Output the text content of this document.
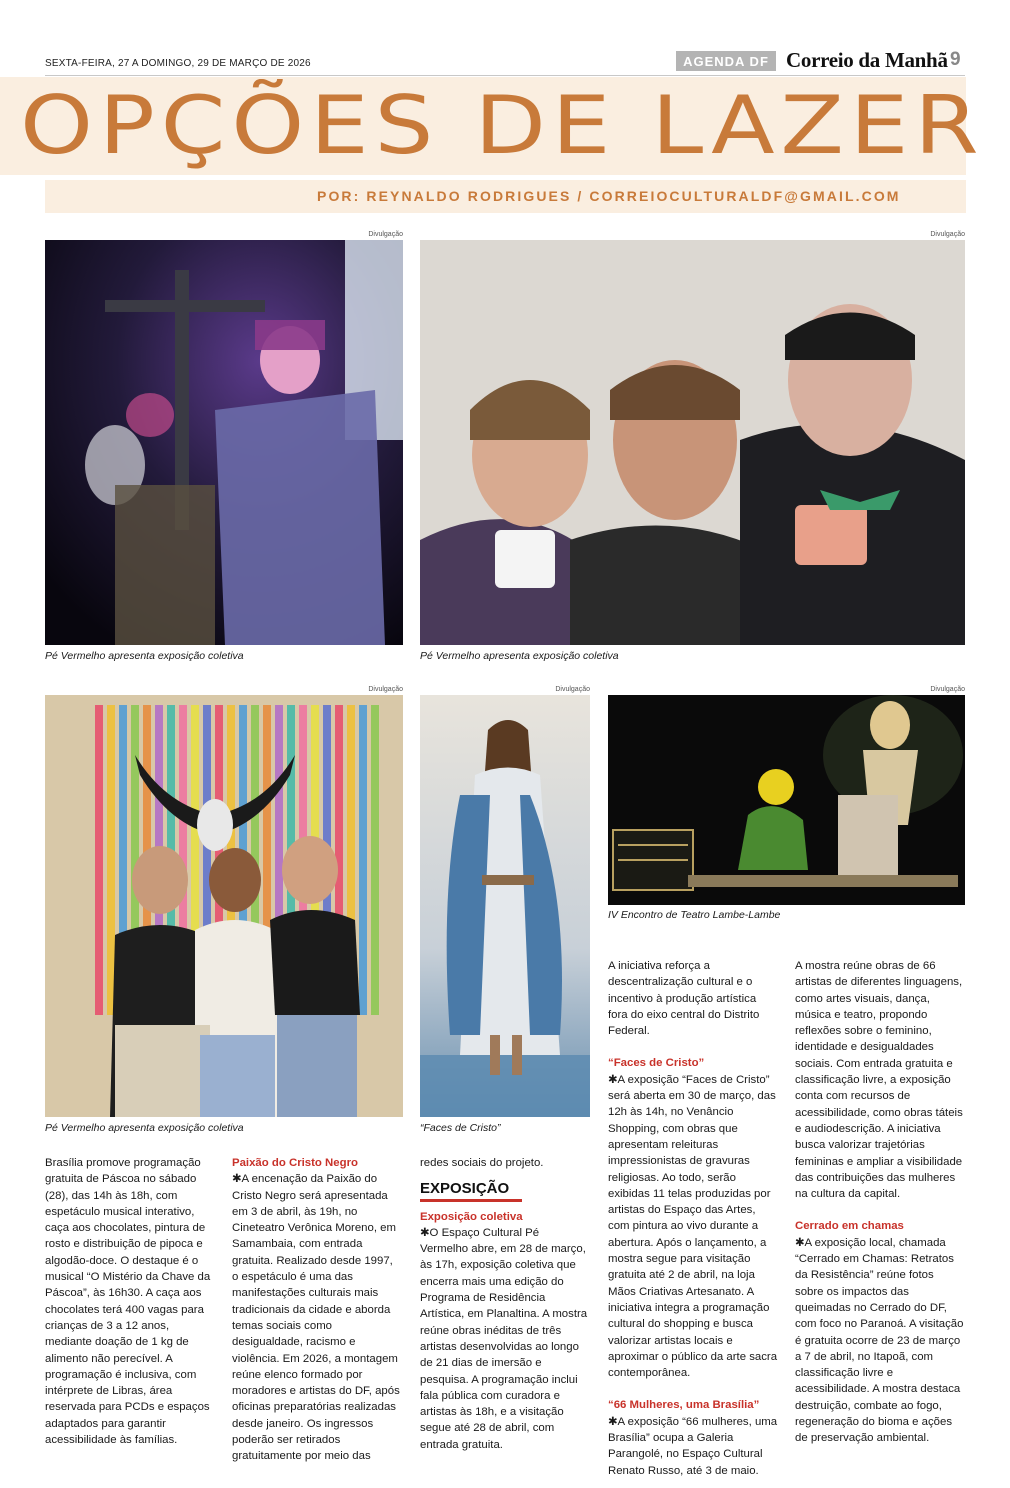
SEXTA-FEIRA, 27 A DOMINGO, 29 DE MARÇO DE 2026	AGENDA DF Correio da Manhã 9
OPÇÕES DE LAZER
POR: REYNALDO RODRIGUES / CORREIOCULTURALDF@GMAIL.COM
Divulgação
Pé Vermelho apresenta exposição coletiva
Divulgação
Pé Vermelho apresenta exposição coletiva
Divulgação
Pé Vermelho apresenta exposição coletiva
Divulgação
“Faces de Cristo”
Divulgação
IV Encontro de Teatro Lambe-Lambe

Brasília promove programação gratuita de Páscoa no sábado (28), das 14h às 18h, com espetáculo musical interativo, caça aos chocolates, pintura de rosto e distribuição de pipoca e algodão-doce. O destaque é o musical “O Mistério da Chave da Páscoa”, às 16h30. A caça aos chocolates terá 400 vagas para crianças de 3 a 12 anos, mediante doação de 1 kg de alimento não perecível. A programação é inclusiva, com intérprete de Libras, área reservada para PCDs e espaços adaptados para garantir acessibilidade às famílias.

Paixão do Cristo Negro

✱A encenação da Paixão do Cristo Negro será apresentada em 3 de abril, às 19h, no Cineteatro Verônica Moreno, em Samambaia, com entrada gratuita. Realizado desde 1997, o espetáculo é uma das manifestações culturais mais tradicionais da cidade e aborda temas sociais como desigualdade, racismo e violência. Em 2026, a montagem reúne elenco formado por moradores e artistas do DF, após oficinas preparatórias realizadas desde janeiro. Os ingressos poderão ser retirados gratuitamente por meio das

redes sociais do projeto.

EXPOSIÇÃO
Exposição coletiva

✱O Espaço Cultural Pé Vermelho abre, em 28 de março, às 17h, exposição coletiva que encerra mais uma edição do Programa de Residência Artística, em Planaltina. A mostra reúne obras inéditas de três artistas desenvolvidas ao longo de 21 dias de imersão e pesquisa. A programação inclui fala pública com curadora e artistas às 18h, e a visitação segue até 28 de abril, com entrada gratuita.

A iniciativa reforça a descentralização cultural e o incentivo à produção artística fora do eixo central do Distrito Federal.

“Faces de Cristo”

✱A exposição “Faces de Cristo” será aberta em 30 de março, das 12h às 14h, no Venâncio Shopping, com obras que apresentam releituras impressionistas de gravuras religiosas. Ao todo, serão exibidas 11 telas produzidas por artistas do Espaço das Artes, com pintura ao vivo durante a abertura. Após o lançamento, a mostra segue para visitação gratuita até 2 de abril, na loja Mãos Criativas Artesanato. A iniciativa integra a programação cultural do shopping e busca valorizar artistas locais e aproximar o público da arte sacra contemporânea.

“66 Mulheres, uma Brasília”

✱A exposição “66 mulheres, uma Brasília” ocupa a Galeria Parangolé, no Espaço Cultural Renato Russo, até 3 de maio.

A mostra reúne obras de 66 artistas de diferentes linguagens, como artes visuais, dança, música e teatro, propondo reflexões sobre o feminino, identidade e desigualdades sociais. Com entrada gratuita e classificação livre, a exposição conta com recursos de acessibilidade, como obras táteis e audiodescrição. A iniciativa busca valorizar trajetórias femininas e ampliar a visibilidade das contribuições das mulheres na cultura da capital.

Cerrado em chamas

✱A exposição local, chamada “Cerrado em Chamas: Retratos da Resistência” reúne fotos sobre os impactos das queimadas no Cerrado do DF, com foco no Paranoá. A visitação é gratuita ocorre de 23 de março a 7 de abril, no Itapoã, com classificação livre e acessibilidade. A mostra destaca destruição, combate ao fogo, regeneração do bioma e ações de preservação ambiental.
